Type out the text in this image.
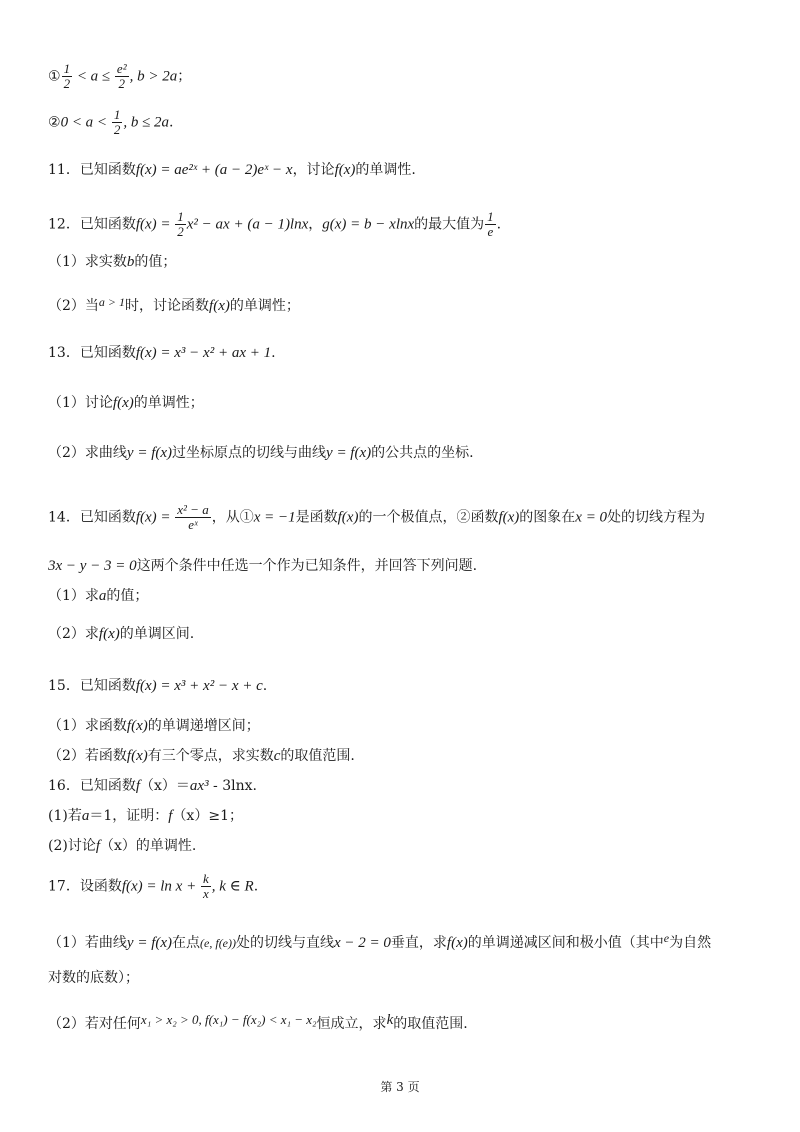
① $\frac{1}{2} < a \le \frac{\text{e²}}{2}$ , b > 2a；
②0 < $a < \frac{1}{2}$ , b ≤ 2a.
11．已知函数f(x) = ae²ˣ + (a − 2)eˣ − x，讨论f(x)的单调性.
12．已知函数$f(x) = \frac{1}{2} x^2$ − ax + (a − 1)lnx，g(x) = b − xlnx的最大值为 $\frac{1}{e}$ .
（1）求实数b的值；
（2）当a > 1时，讨论函数f(x)的单调性；
13．已知函数f(x) = x³ − x² + ax + 1.
（1）讨论f(x)的单调性；
（2）求曲线y = f(x)过坐标原点的切线与曲线y = f(x)的公共点的坐标.
14．已知函数$f(x) = \frac{\text{x² − a}}{\text{eˣ}}$ ，从①x = −1是函数f(x)的一个极值点，②函数f(x)的图象在x = 0处的切线方程为
3x − y − 3 = 0这两个条件中任选一个作为已知条件，并回答下列问题.
（1）求a的值；
（2）求f(x)的单调区间.
15．已知函数f(x) = x³ + x² − x + c.
（1）求函数f(x)的单调递增区间；
（2）若函数f(x)有三个零点，求实数c的取值范围.
16．已知函数f（x）＝ax³ - 3lnx.
(1)若a＝1，证明：f（x）≥1；
(2)讨论f（x）的单调性.
17．设函数$f(x) = \ln x + \frac{k}{x}$ , k ∈ R.
（1）若曲线y = f(x)在点(e, f(e))处的切线与直线x − 2 = 0垂直，求f(x)的单调递减区间和极小值（其中e为自然
对数的底数）；
（2）若对任何x₁ > x₂ > 0, f(x₁) − f(x₂) < x₁ − x₂恒成立，求k的取值范围.
第 3 页
